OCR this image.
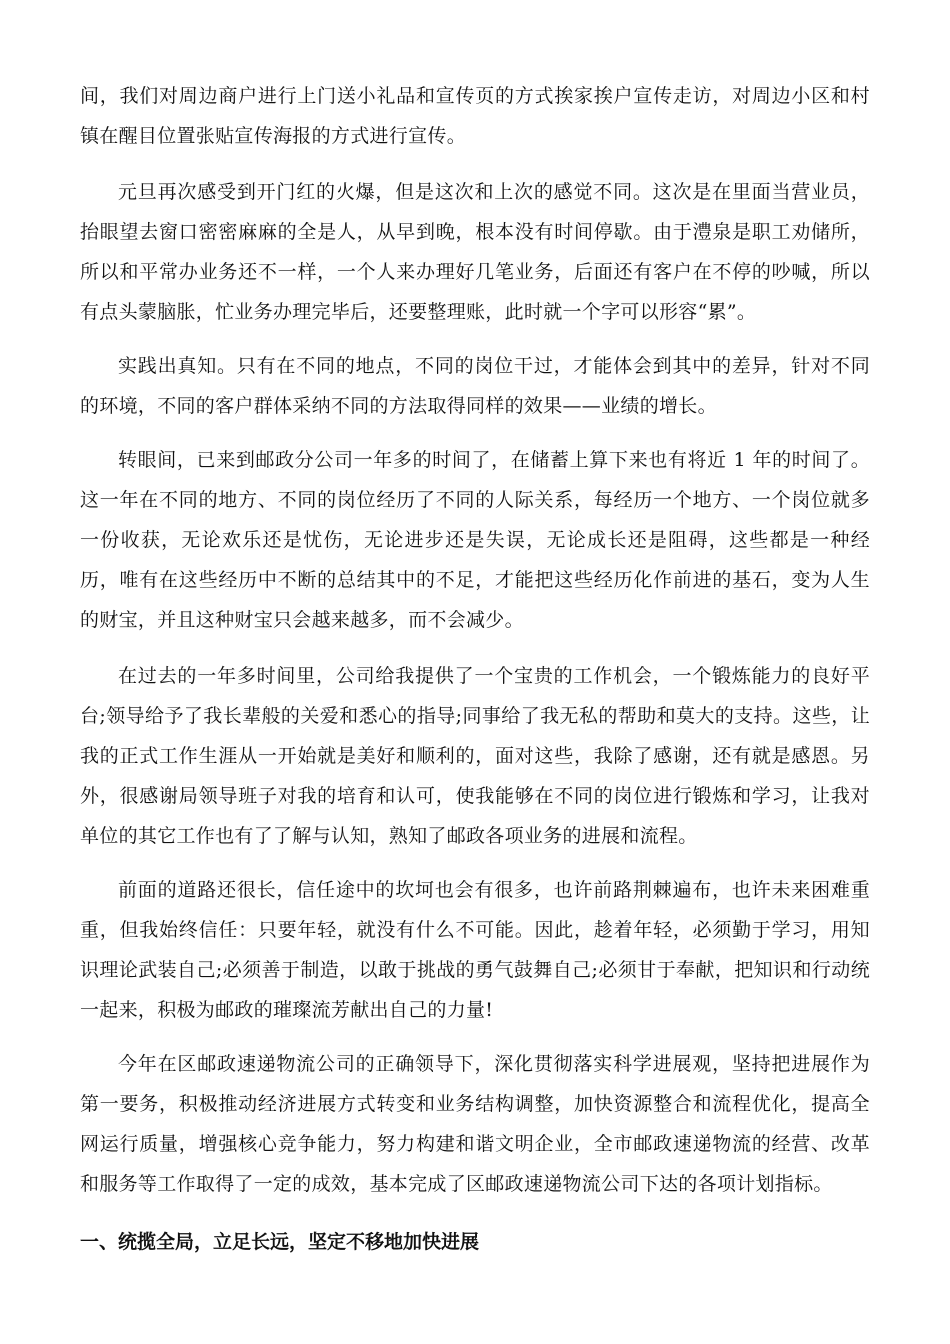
间，我们对周边商户进行上门送小礼品和宣传页的方式挨家挨户宣传走访，对周边小区和村镇在醒目位置张贴宣传海报的方式进行宣传。

元旦再次感受到开门红的火爆，但是这次和上次的感觉不同。这次是在里面当营业员，抬眼望去窗口密密麻麻的全是人，从早到晚，根本没有时间停歇。由于澧泉是职工劝储所，所以和平常办业务还不一样，一个人来办理好几笔业务，后面还有客户在不停的吵喊，所以有点头蒙脑胀，忙业务办理完毕后，还要整理账，此时就一个字可以形容“累”。

实践出真知。只有在不同的地点，不同的岗位干过，才能体会到其中的差异，针对不同的环境，不同的客户群体采纳不同的方法取得同样的效果——业绩的增长。

转眼间，已来到邮政分公司一年多的时间了，在储蓄上算下来也有将近 1 年的时间了。这一年在不同的地方、不同的岗位经历了不同的人际关系，每经历一个地方、一个岗位就多一份收获，无论欢乐还是忧伤，无论进步还是失误，无论成长还是阻碍，这些都是一种经历，唯有在这些经历中不断的总结其中的不足，才能把这些经历化作前进的基石，变为人生的财宝，并且这种财宝只会越来越多，而不会减少。

在过去的一年多时间里，公司给我提供了一个宝贵的工作机会，一个锻炼能力的良好平台;领导给予了我长辈般的关爱和悉心的指导;同事给了我无私的帮助和莫大的支持。这些，让我的正式工作生涯从一开始就是美好和顺利的，面对这些，我除了感谢，还有就是感恩。另外，很感谢局领导班子对我的培育和认可，使我能够在不同的岗位进行锻炼和学习，让我对单位的其它工作也有了了解与认知，熟知了邮政各项业务的进展和流程。

前面的道路还很长，信任途中的坎坷也会有很多，也许前路荆棘遍布，也许未来困难重重，但我始终信任：只要年轻，就没有什么不可能。因此，趁着年轻，必须勤于学习，用知识理论武装自己;必须善于制造，以敢于挑战的勇气鼓舞自己;必须甘于奉献，把知识和行动统一起来，积极为邮政的璀璨流芳献出自己的力量!

今年在区邮政速递物流公司的正确领导下，深化贯彻落实科学进展观，坚持把进展作为第一要务，积极推动经济进展方式转变和业务结构调整，加快资源整合和流程优化，提高全网运行质量，增强核心竞争能力，努力构建和谐文明企业，全市邮政速递物流的经营、改革和服务等工作取得了一定的成效，基本完成了区邮政速递物流公司下达的各项计划指标。

一、统揽全局，立足长远，坚定不移地加快进展
